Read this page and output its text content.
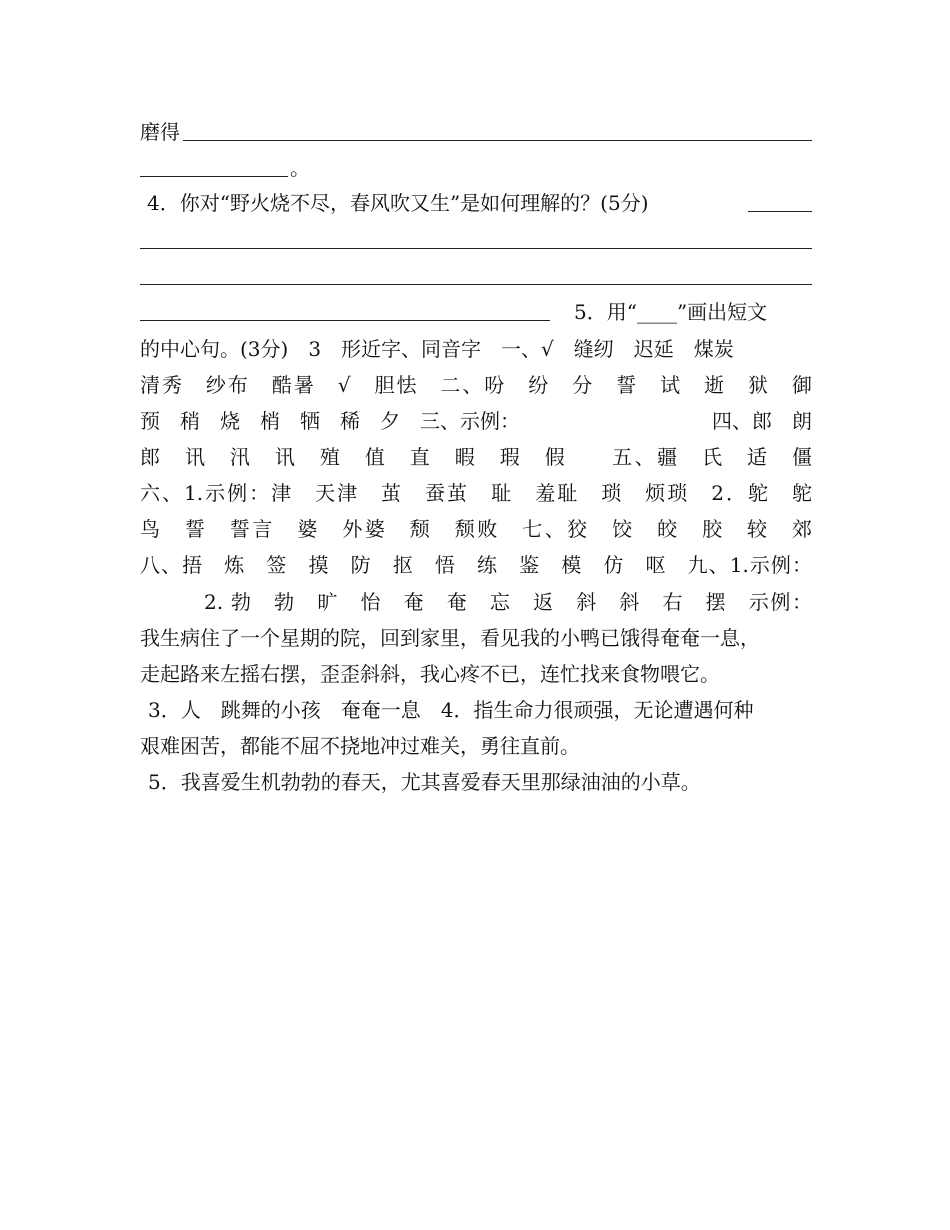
磨得
。
4．你对“野火烧不尽，春风吹又生”是如何理解的？(5分)
5．用“____”画出短文
的中心句。(3分)　3　形近字、同音字　一、√　缝纫　迟延　煤炭
清秀　纱布　酷暑　√　胆怯　二、吩　纷　分　誓　试　逝　狱　御
预　稍　烧　梢　牺　稀　夕　三、示例：	四、郎　朗
郎　讯　汛　讯　殖　值　直　暇　瑕　假　　五、疆　氏　适　僵
六、1.示例：津　天津　茧　蚕茧　耻　羞耻　琐　烦琐　2．鸵　鸵
鸟　誓　誓言　婆　外婆　颓　颓败　七、狡　饺　皎　胶　较　郊
八、捂　炼　签　摸　防　抠　悟　练　鉴　模　仿　呕　九、1.示例：
2. 勃　勃　旷　怡　奄　奄　忘　返　斜　斜　右　摆　示例：
我生病住了一个星期的院，回到家里，看见我的小鸭已饿得奄奄一息，
走起路来左摇右摆，歪歪斜斜，我心疼不已，连忙找来食物喂它。
3．人　跳舞的小孩　奄奄一息　4．指生命力很顽强，无论遭遇何种
艰难困苦，都能不屈不挠地冲过难关，勇往直前。
5．我喜爱生机勃勃的春天，尤其喜爱春天里那绿油油的小草。
